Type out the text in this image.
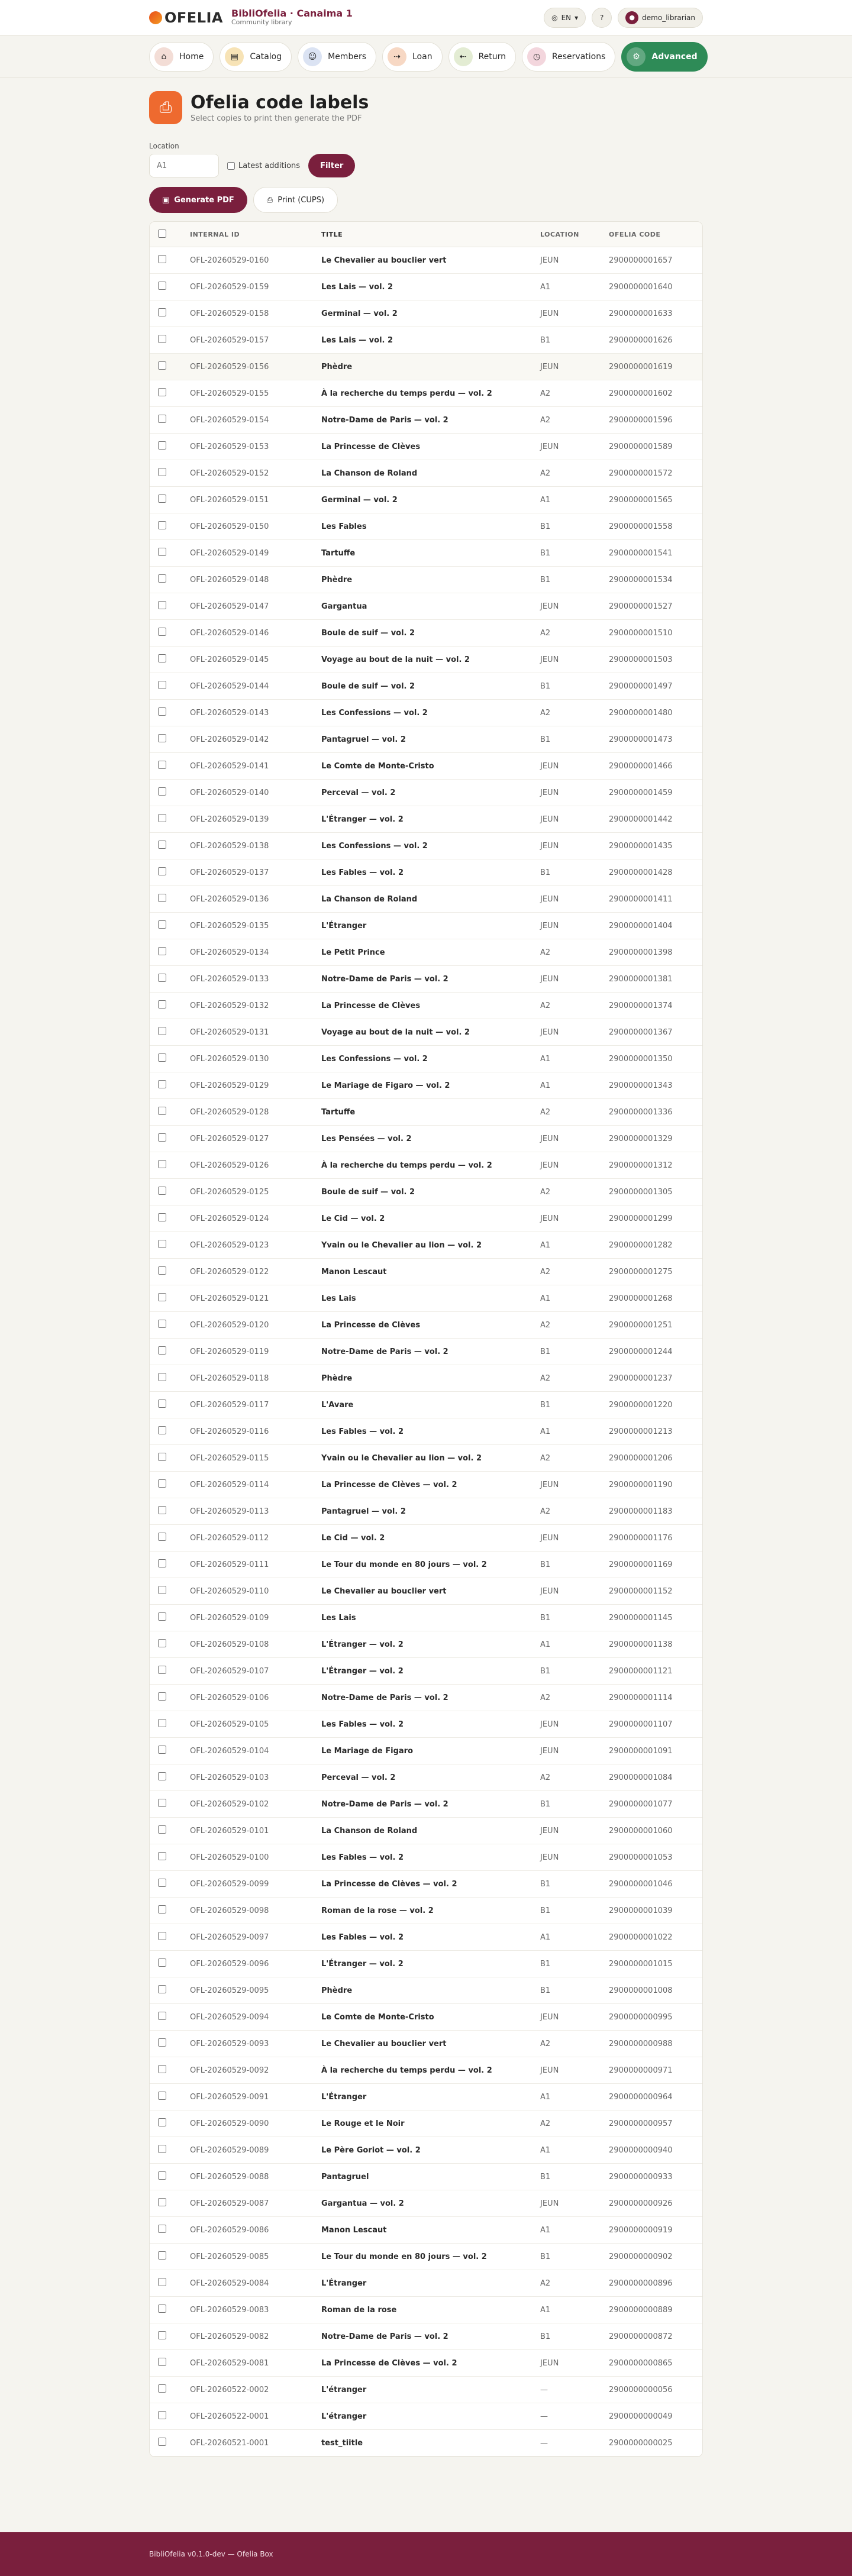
OFELIA BibliOfelia · Canaima 1
Community library
◎ EN ▾	?	●	demo_librarian
⌂	Home	▤	Catalog	☺	Members	⇢	Loan	⇠	Return	◷	Reservations	⚙	Advanced
⎙	Ofelia code labels
Select copies to print then generate the PDF
Location
A1
Latest additions	Filter
▣ Generate PDF	⎙ Print (CUPS)
	INTERNAL ID	TITLE	LOCATION	OFELIA CODE
	OFL-20260529-0160	Le Chevalier au bouclier vert	JEUN	2900000001657
	OFL-20260529-0159	Les Lais — vol. 2	A1	2900000001640
	OFL-20260529-0158	Germinal — vol. 2	JEUN	2900000001633
	OFL-20260529-0157	Les Lais — vol. 2	B1	2900000001626
	OFL-20260529-0156	Phèdre	JEUN	2900000001619
	OFL-20260529-0155	À la recherche du temps perdu — vol. 2	A2	2900000001602
	OFL-20260529-0154	Notre-Dame de Paris — vol. 2	A2	2900000001596
	OFL-20260529-0153	La Princesse de Clèves	JEUN	2900000001589
	OFL-20260529-0152	La Chanson de Roland	A2	2900000001572
	OFL-20260529-0151	Germinal — vol. 2	A1	2900000001565
	OFL-20260529-0150	Les Fables	B1	2900000001558
	OFL-20260529-0149	Tartuffe	B1	2900000001541
	OFL-20260529-0148	Phèdre	B1	2900000001534
	OFL-20260529-0147	Gargantua	JEUN	2900000001527
	OFL-20260529-0146	Boule de suif — vol. 2	A2	2900000001510
	OFL-20260529-0145	Voyage au bout de la nuit — vol. 2	JEUN	2900000001503
	OFL-20260529-0144	Boule de suif — vol. 2	B1	2900000001497
	OFL-20260529-0143	Les Confessions — vol. 2	A2	2900000001480
	OFL-20260529-0142	Pantagruel — vol. 2	B1	2900000001473
	OFL-20260529-0141	Le Comte de Monte-Cristo	JEUN	2900000001466
	OFL-20260529-0140	Perceval — vol. 2	JEUN	2900000001459
	OFL-20260529-0139	L'Étranger — vol. 2	JEUN	2900000001442
	OFL-20260529-0138	Les Confessions — vol. 2	JEUN	2900000001435
	OFL-20260529-0137	Les Fables — vol. 2	B1	2900000001428
	OFL-20260529-0136	La Chanson de Roland	JEUN	2900000001411
	OFL-20260529-0135	L'Étranger	JEUN	2900000001404
	OFL-20260529-0134	Le Petit Prince	A2	2900000001398
	OFL-20260529-0133	Notre-Dame de Paris — vol. 2	JEUN	2900000001381
	OFL-20260529-0132	La Princesse de Clèves	A2	2900000001374
	OFL-20260529-0131	Voyage au bout de la nuit — vol. 2	JEUN	2900000001367
	OFL-20260529-0130	Les Confessions — vol. 2	A1	2900000001350
	OFL-20260529-0129	Le Mariage de Figaro — vol. 2	A1	2900000001343
	OFL-20260529-0128	Tartuffe	A2	2900000001336
	OFL-20260529-0127	Les Pensées — vol. 2	JEUN	2900000001329
	OFL-20260529-0126	À la recherche du temps perdu — vol. 2	JEUN	2900000001312
	OFL-20260529-0125	Boule de suif — vol. 2	A2	2900000001305
	OFL-20260529-0124	Le Cid — vol. 2	JEUN	2900000001299
	OFL-20260529-0123	Yvain ou le Chevalier au lion — vol. 2	A1	2900000001282
	OFL-20260529-0122	Manon Lescaut	A2	2900000001275
	OFL-20260529-0121	Les Lais	A1	2900000001268
	OFL-20260529-0120	La Princesse de Clèves	A2	2900000001251
	OFL-20260529-0119	Notre-Dame de Paris — vol. 2	B1	2900000001244
	OFL-20260529-0118	Phèdre	A2	2900000001237
	OFL-20260529-0117	L'Avare	B1	2900000001220
	OFL-20260529-0116	Les Fables — vol. 2	A1	2900000001213
	OFL-20260529-0115	Yvain ou le Chevalier au lion — vol. 2	A2	2900000001206
	OFL-20260529-0114	La Princesse de Clèves — vol. 2	JEUN	2900000001190
	OFL-20260529-0113	Pantagruel — vol. 2	A2	2900000001183
	OFL-20260529-0112	Le Cid — vol. 2	JEUN	2900000001176
	OFL-20260529-0111	Le Tour du monde en 80 jours — vol. 2	B1	2900000001169
	OFL-20260529-0110	Le Chevalier au bouclier vert	JEUN	2900000001152
	OFL-20260529-0109	Les Lais	B1	2900000001145
	OFL-20260529-0108	L'Étranger — vol. 2	A1	2900000001138
	OFL-20260529-0107	L'Étranger — vol. 2	B1	2900000001121
	OFL-20260529-0106	Notre-Dame de Paris — vol. 2	A2	2900000001114
	OFL-20260529-0105	Les Fables — vol. 2	JEUN	2900000001107
	OFL-20260529-0104	Le Mariage de Figaro	JEUN	2900000001091
	OFL-20260529-0103	Perceval — vol. 2	A2	2900000001084
	OFL-20260529-0102	Notre-Dame de Paris — vol. 2	B1	2900000001077
	OFL-20260529-0101	La Chanson de Roland	JEUN	2900000001060
	OFL-20260529-0100	Les Fables — vol. 2	JEUN	2900000001053
	OFL-20260529-0099	La Princesse de Clèves — vol. 2	B1	2900000001046
	OFL-20260529-0098	Roman de la rose — vol. 2	B1	2900000001039
	OFL-20260529-0097	Les Fables — vol. 2	A1	2900000001022
	OFL-20260529-0096	L'Étranger — vol. 2	B1	2900000001015
	OFL-20260529-0095	Phèdre	B1	2900000001008
	OFL-20260529-0094	Le Comte de Monte-Cristo	JEUN	2900000000995
	OFL-20260529-0093	Le Chevalier au bouclier vert	A2	2900000000988
	OFL-20260529-0092	À la recherche du temps perdu — vol. 2	JEUN	2900000000971
	OFL-20260529-0091	L'Étranger	A1	2900000000964
	OFL-20260529-0090	Le Rouge et le Noir	A2	2900000000957
	OFL-20260529-0089	Le Père Goriot — vol. 2	A1	2900000000940
	OFL-20260529-0088	Pantagruel	B1	2900000000933
	OFL-20260529-0087	Gargantua — vol. 2	JEUN	2900000000926
	OFL-20260529-0086	Manon Lescaut	A1	2900000000919
	OFL-20260529-0085	Le Tour du monde en 80 jours — vol. 2	B1	2900000000902
	OFL-20260529-0084	L'Étranger	A2	2900000000896
	OFL-20260529-0083	Roman de la rose	A1	2900000000889
	OFL-20260529-0082	Notre-Dame de Paris — vol. 2	B1	2900000000872
	OFL-20260529-0081	La Princesse de Clèves — vol. 2	JEUN	2900000000865
	OFL-20260522-0002	L'étranger	—	2900000000056
	OFL-20260522-0001	L'étranger	—	2900000000049
	OFL-20260521-0001	test_tiitle	—	2900000000025
BibliOfelia v0.1.0-dev — Ofelia Box
